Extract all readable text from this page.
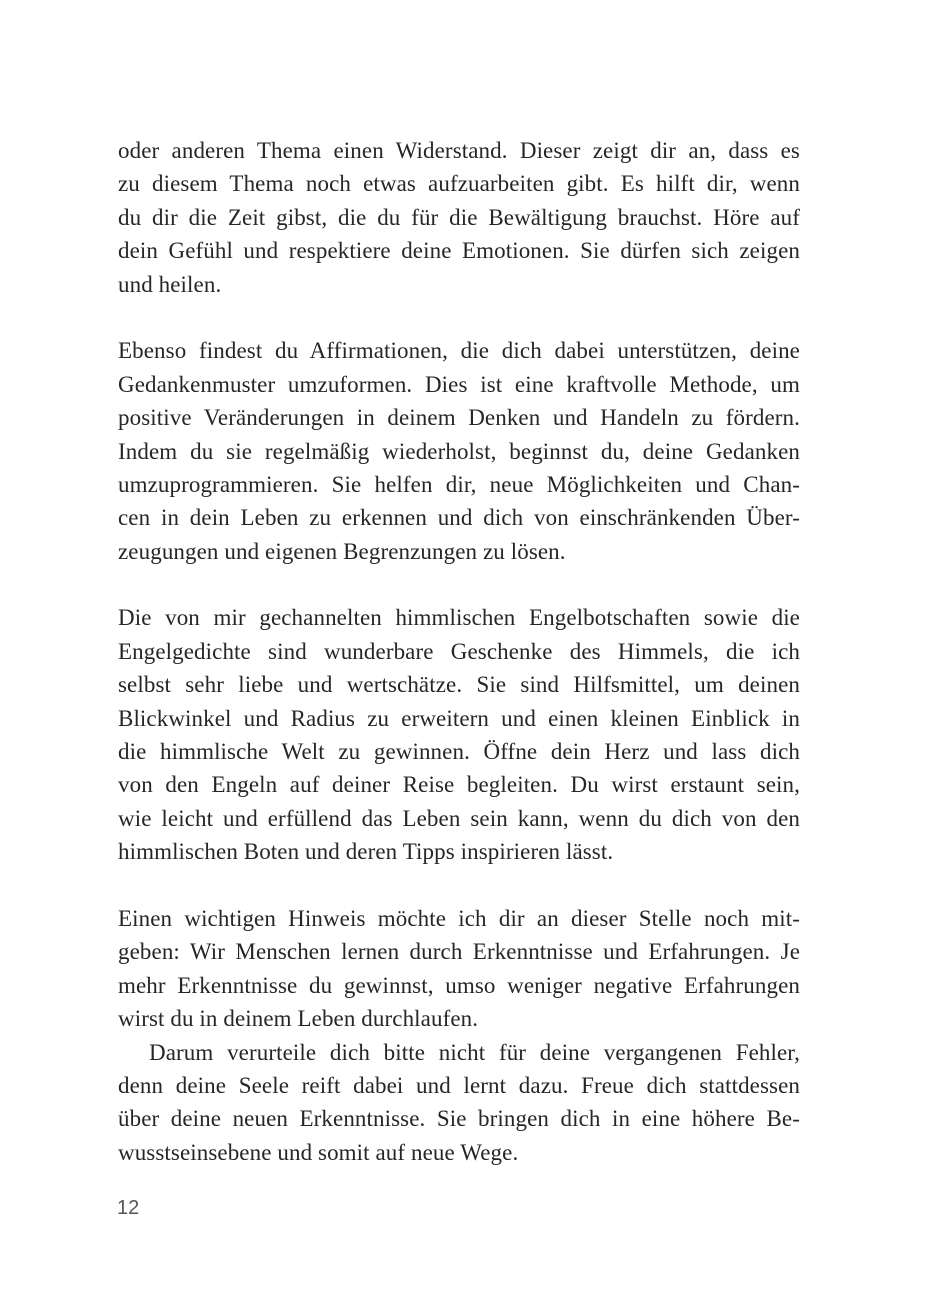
oder anderen Thema einen Widerstand. Dieser zeigt dir an, dass es
zu diesem Thema noch etwas aufzuarbeiten gibt. Es hilft dir, wenn
du dir die Zeit gibst, die du für die Bewältigung brauchst. Höre auf
dein Gefühl und respektiere deine Emotionen. Sie dürfen sich zeigen
und heilen.
Ebenso findest du Affirmationen, die dich dabei unterstützen, deine
Gedankenmuster umzuformen. Dies ist eine kraftvolle Methode, um
positive Veränderungen in deinem Denken und Handeln zu fördern.
Indem du sie regelmäßig wiederholst, beginnst du, deine Gedanken
umzuprogrammieren. Sie helfen dir, neue Möglichkeiten und Chan-
cen in dein Leben zu erkennen und dich von einschränkenden Über-
zeugungen und eigenen Begrenzungen zu lösen.
Die von mir gechannelten himmlischen Engelbotschaften sowie die
Engelgedichte sind wunderbare Geschenke des Himmels, die ich
selbst sehr liebe und wertschätze. Sie sind Hilfsmittel, um deinen
Blickwinkel und Radius zu erweitern und einen kleinen Einblick in
die himmlische Welt zu gewinnen. Öffne dein Herz und lass dich
von den Engeln auf deiner Reise begleiten. Du wirst erstaunt sein,
wie leicht und erfüllend das Leben sein kann, wenn du dich von den
himmlischen Boten und deren Tipps inspirieren lässt.
Einen wichtigen Hinweis möchte ich dir an dieser Stelle noch mit-
geben: Wir Menschen lernen durch Erkenntnisse und Erfahrungen. Je
mehr Erkenntnisse du gewinnst, umso weniger negative Erfahrungen
wirst du in deinem Leben durchlaufen.
Darum verurteile dich bitte nicht für deine vergangenen Fehler,
denn deine Seele reift dabei und lernt dazu. Freue dich stattdessen
über deine neuen Erkenntnisse. Sie bringen dich in eine höhere Be-
wusstseinsebene und somit auf neue Wege.
12
